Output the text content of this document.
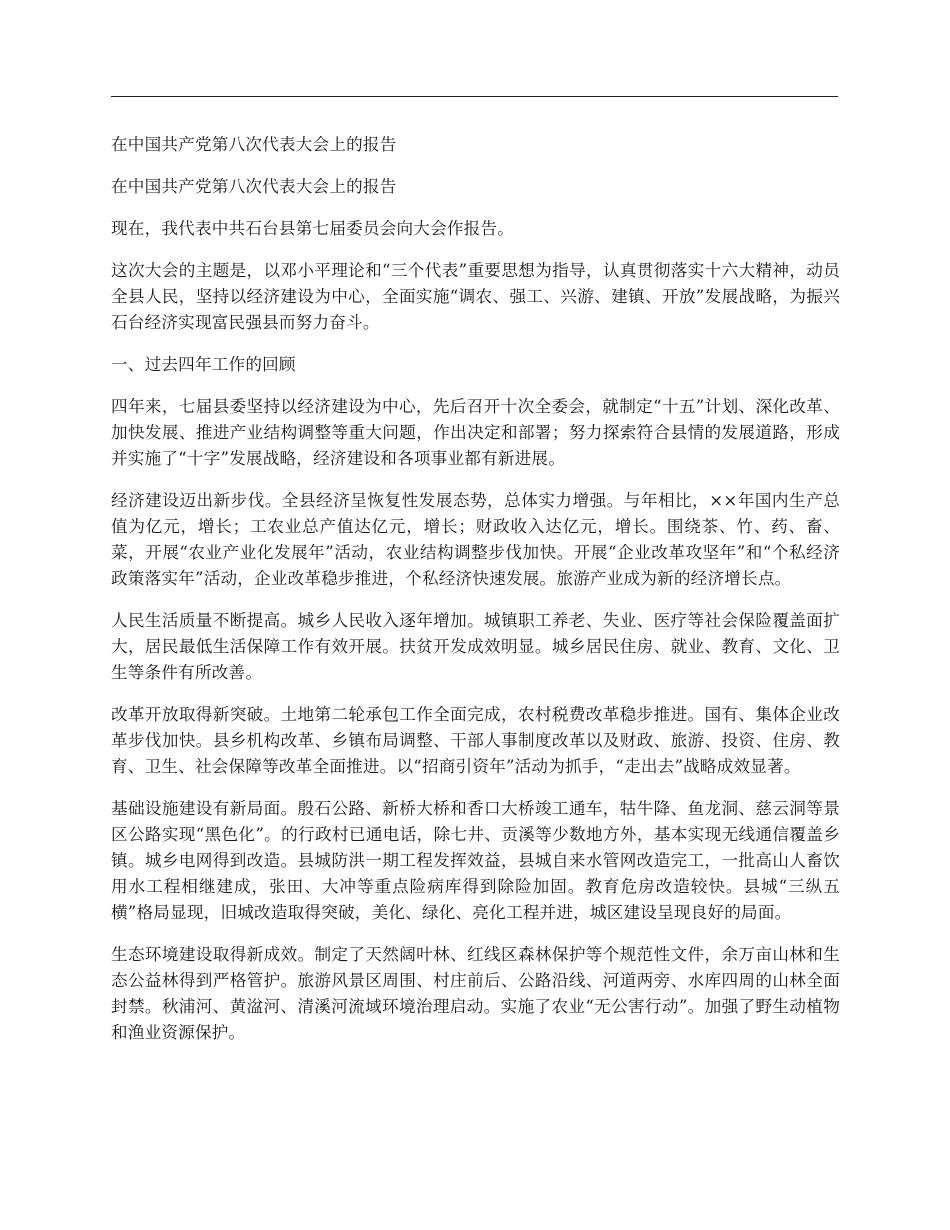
在中国共产党第八次代表大会上的报告

在中国共产党第八次代表大会上的报告

现在，我代表中共石台县第七届委员会向大会作报告。

这次大会的主题是，以邓小平理论和“三个代表”重要思想为指导，认真贯彻落实十六大精神，动员全县人民，坚持以经济建设为中心，全面实施“调农、强工、兴游、建镇、开放”发展战略，为振兴石台经济实现富民强县而努力奋斗。

一、过去四年工作的回顾

四年来，七届县委坚持以经济建设为中心，先后召开十次全委会，就制定“十五”计划、深化改革、加快发展、推进产业结构调整等重大问题，作出决定和部署；努力探索符合县情的发展道路，形成并实施了“十字”发展战略，经济建设和各项事业都有新进展。

经济建设迈出新步伐。全县经济呈恢复性发展态势，总体实力增强。与年相比，××年国内生产总值为亿元，增长；工农业总产值达亿元，增长；财政收入达亿元，增长。围绕茶、竹、药、畜、菜，开展“农业产业化发展年”活动，农业结构调整步伐加快。开展“企业改革攻坚年”和“个私经济政策落实年”活动，企业改革稳步推进，个私经济快速发展。旅游产业成为新的经济增长点。

人民生活质量不断提高。城乡人民收入逐年增加。城镇职工养老、失业、医疗等社会保险覆盖面扩大，居民最低生活保障工作有效开展。扶贫开发成效明显。城乡居民住房、就业、教育、文化、卫生等条件有所改善。

改革开放取得新突破。土地第二轮承包工作全面完成，农村税费改革稳步推进。国有、集体企业改革步伐加快。县乡机构改革、乡镇布局调整、干部人事制度改革以及财政、旅游、投资、住房、教育、卫生、社会保障等改革全面推进。以“招商引资年”活动为抓手，“走出去”战略成效显著。

基础设施建设有新局面。殷石公路、新桥大桥和香口大桥竣工通车，牯牛降、鱼龙洞、慈云洞等景区公路实现“黑色化”。的行政村已通电话，除七井、贡溪等少数地方外，基本实现无线通信覆盖乡镇。城乡电网得到改造。县城防洪一期工程发挥效益，县城自来水管网改造完工，一批高山人畜饮用水工程相继建成，张田、大冲等重点险病库得到除险加固。教育危房改造较快。县城“三纵五横”格局显现，旧城改造取得突破，美化、绿化、亮化工程并进，城区建设呈现良好的局面。

生态环境建设取得新成效。制定了天然阔叶林、红线区森林保护等个规范性文件，余万亩山林和生态公益林得到严格管护。旅游风景区周围、村庄前后、公路沿线、河道两旁、水库四周的山林全面封禁。秋浦河、黄湓河、清溪河流域环境治理启动。实施了农业“无公害行动”。加强了野生动植物和渔业资源保护。
